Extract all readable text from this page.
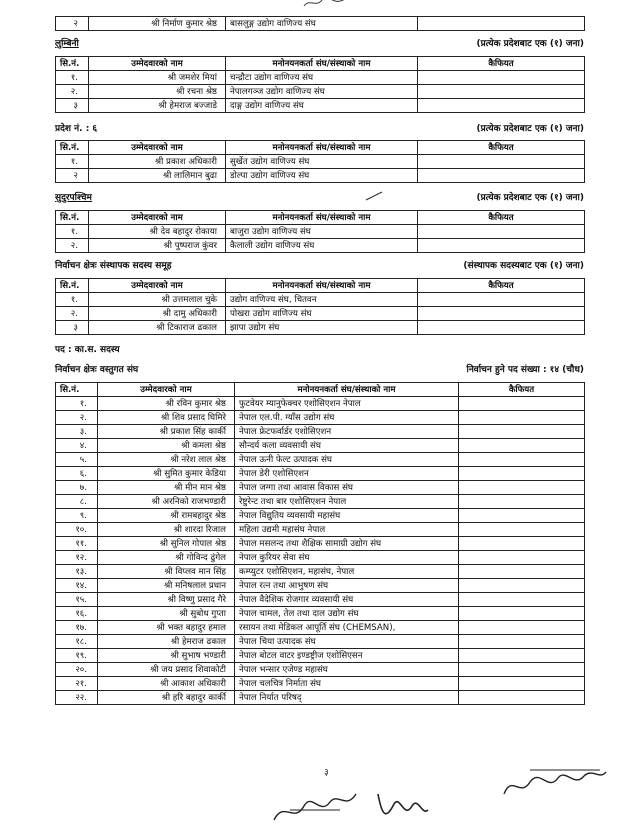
२	श्री निर्माण कुमार श्रेष्ठ	बासलुङ्ग उद्योग वाणिज्य संघ	
लुम्बिनी	(प्रत्येक प्रदेशबाट एक (१) जना)
सि.नं.	उम्मेदवारको नाम	मनोनयनकर्ता संघ/संस्थाको नाम	कैफियत
१.	श्री जमशेर मियां	चन्द्रौटा उद्योग वाणिज्य संघ	
२.	श्री रचना श्रेष्ठ	नेपालगञ्ज उद्योग वाणिज्य संघ	
३	श्री हेमराज बज्जाडे	दाङ्ग उद्योग वाणिज्य संघ	
प्रदेश नं. : ६	(प्रत्येक प्रदेशबाट एक (१) जना)
सि.नं.	उम्मेदवारको नाम	मनोनयनकर्ता संघ/संस्थाको नाम	कैफियत
१.	श्री प्रकाश अधिकारी	सुर्खेत उद्योग वाणिज्य संघ	
२	श्री लालिमान बुढा	डोल्पा उद्योग वाणिज्य संघ	
सुदुरपश्चिम	(प्रत्येक प्रदेशबाट एक (१) जना)
सि.नं.	उम्मेदवारको नाम	मनोनयनकर्ता संघ/संस्थाको नाम	कैफियत
१.	श्री देव बहादुर रोकाया	बाजुरा उद्योग वाणिज्य संघ	
२.	श्री पुष्पराज कुंवर	कैलाली उद्योग वाणिज्य संघ	
निर्वाचन क्षेत्रः संस्थापक सदस्य समूह	(संस्थापक सदस्यबाट एक (१) जना)
सि.नं.	उम्मेदवारको नाम	मनोनयनकर्ता संघ/संस्थाको नाम	कैफियत
१.	श्री उत्तमलाल चुके	उद्योग वाणिज्य संघ, चितवन	
२.	श्री दामु अधिकारी	पोखरा उद्योग वाणिज्य संघ	
३	श्री टिकाराज ढकाल	झापा उद्योग संघ	
पद : का.स. सदस्य
निर्वाचन क्षेत्रः वस्तुगत संघ	निर्वाचन हुने पद संख्या : १४ (चौध)
सि.नं.	उम्मेदवारको नाम	मनोनयनकर्ता संघ/संस्थाको नाम	कैफियत
१.	श्री रविन कुमार श्रेष्ठ	फुटवेयर म्यानुफेक्चर एशोसिएशन नेपाल	
२.	श्री शिव प्रसाद घिमिरे	नेपाल एल.पी. ग्याँस उद्योग संघ	
३.	श्री प्रकाश सिंह कार्की	नेपाल फ्रेटफर्वार्डर एशोसिएशन	
४.	श्री कमला श्रेष्ठ	सौन्दर्य कला व्यवसायी संघ	
५.	श्री नरेश लाल श्रेष्ठ	नेपाल ऊनी फेल्ट उत्पादक संघ	
६.	श्री सुमित कुमार केडिया	नेपाल डेरी एशोसिएशन	
७.	श्री मीन मान श्रेष्ठ	नेपाल जग्गा तथा आवास विकास संघ	
८.	श्री अरनिको राजभण्डारी	रेष्टुरेन्ट तथा बार एशोसिएशन नेपाल	
९.	श्री रामबहादुर श्रेष्ठ	नेपाल विद्युतिय व्यवसायी महासंघ	
१०.	श्री शारदा रिजाल	महिला उद्यमी महासंघ नेपाल	
११.	श्री सुनिल गोपाल श्रेष्ठ	नेपाल मसलन्द तथा शैक्षिक सामाग्री उद्योग संघ	
१२.	श्री गोविन्द ढुंगेल	नेपाल कुरियर सेवा संघ	
१३.	श्री विप्लव मान सिंह	कम्प्युटर एशोसिएशन, महासंघ, नेपाल	
१४.	श्री मनिषलाल प्रधान	नेपाल रत्न तथा आभुषण संघ	
१५.	श्री विष्णु प्रसाद गैरे	नेपाल वैदेशिक रोजगार व्यवसायी संघ	
१६.	श्री सुबोध गुप्ता	नेपाल चामल, तेल तथा दाल उद्योग संघ	
१७.	श्री भक्त बहादुर हमाल	रसायन तथा मेडिकल आपूर्ति संघ (CHEMSAN),	
१८.	श्री हेमराज ढकाल	नेपाल चिया उत्पादक संघ	
१९.	श्री सुभाष भण्डारी	नेपाल बोटल वाटर इण्डष्ट्रीज एशोसिएसन	
२०.	श्री जय प्रसाद शिवाकोटी	नेपाल भन्सार एजेण्ड महासंघ	
२१.	श्री आकाश अधिकारी	नेपाल चलचित्र निर्माता संघ	
२२.	श्री हरि बहादुर कार्की	नेपाल निर्यात परिषद्	
३
